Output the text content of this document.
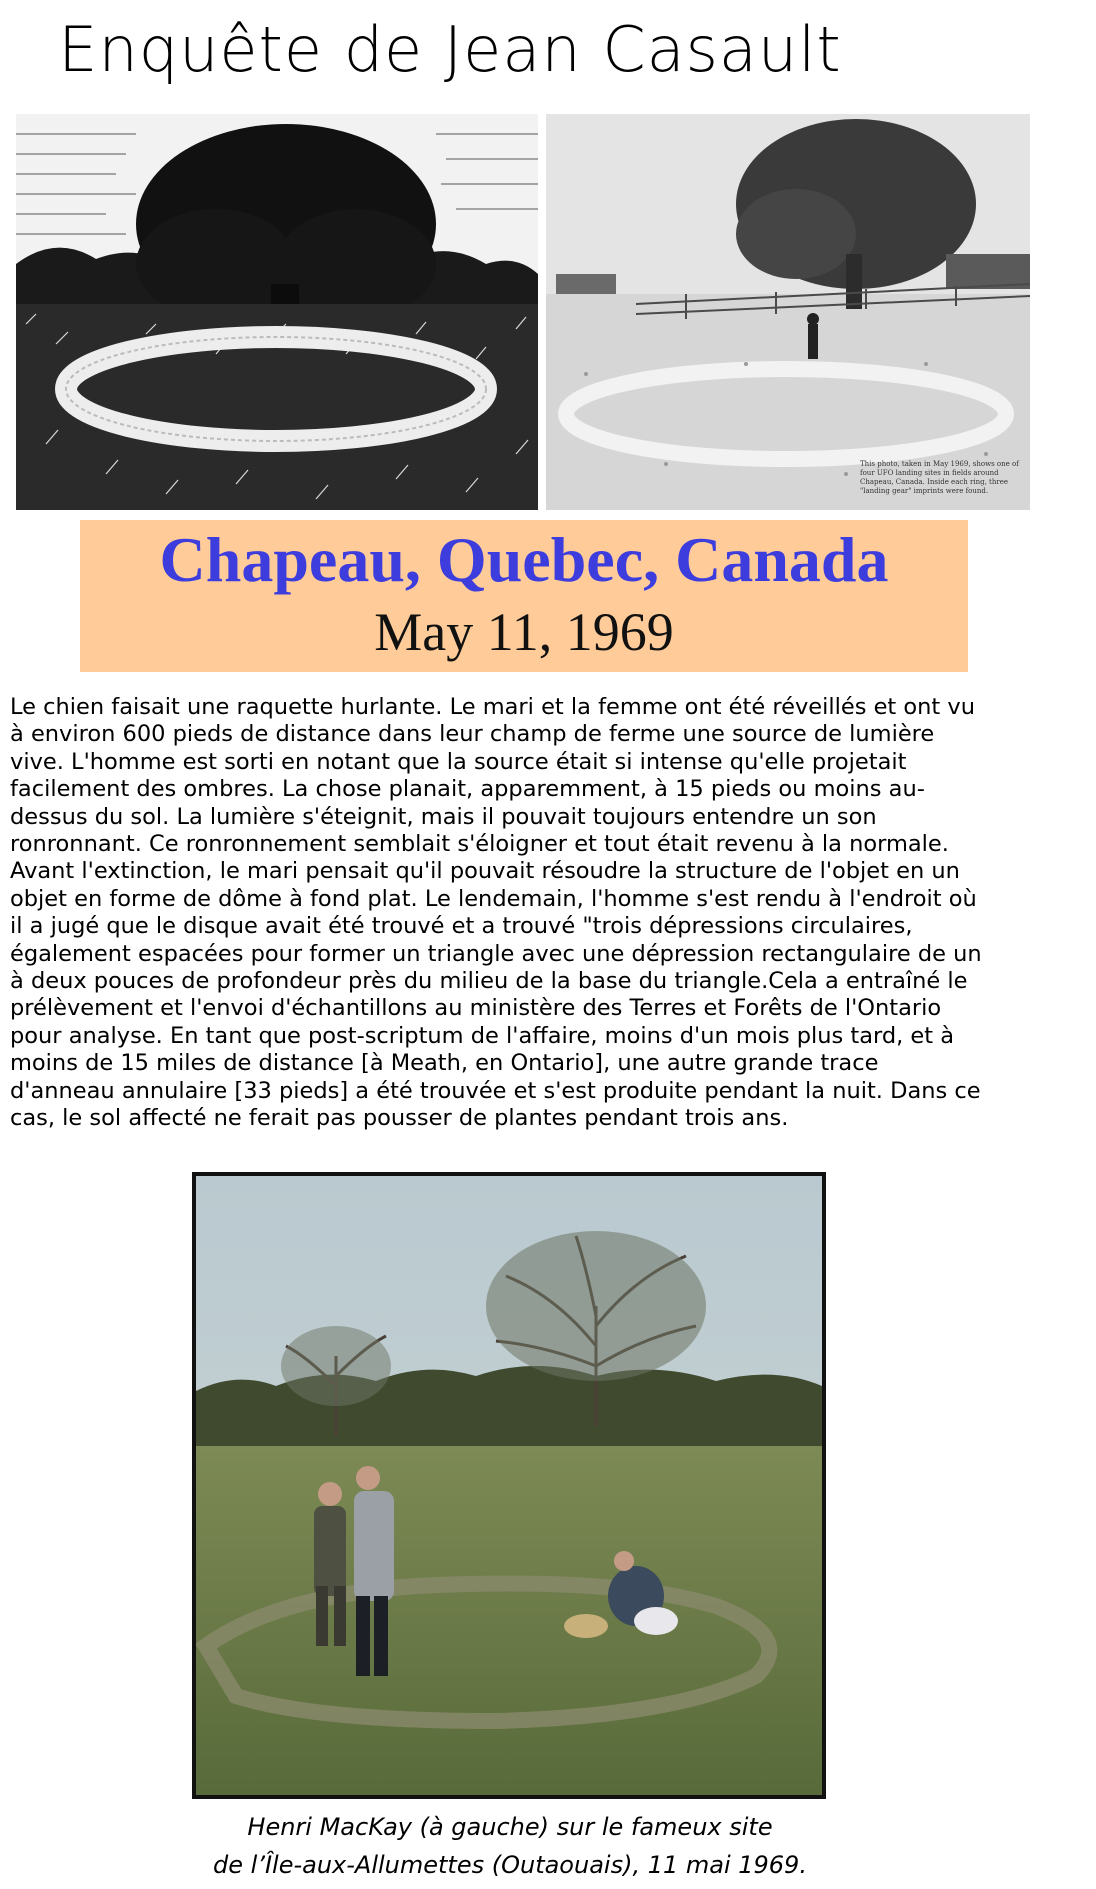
Enquête de Jean Casault
This photo, taken in May 1969, shows one of four UFO landing sites in fields around Chapeau, Canada. Inside each ring, three "landing gear" imprints were found.
Chapeau, Quebec, Canada
May 11, 1969
Le chien faisait une raquette hurlante. Le mari et la femme ont été réveillés et ont vu
à environ 600 pieds de distance dans leur champ de ferme une source de lumière
vive. L'homme est sorti en notant que la source était si intense qu'elle projetait
facilement des ombres. La chose planait, apparemment, à 15 pieds ou moins au-
dessus du sol. La lumière s'éteignit, mais il pouvait toujours entendre un son
ronronnant. Ce ronronnement semblait s'éloigner et tout était revenu à la normale.
Avant l'extinction, le mari pensait qu'il pouvait résoudre la structure de l'objet en un
objet en forme de dôme à fond plat. Le lendemain, l'homme s'est rendu à l'endroit où
il a jugé que le disque avait été trouvé et a trouvé "trois dépressions circulaires,
également espacées pour former un triangle avec une dépression rectangulaire de un
à deux pouces de profondeur près du milieu de la base du triangle.Cela a entraîné le
prélèvement et l'envoi d'échantillons au ministère des Terres et Forêts de l'Ontario
pour analyse. En tant que post-scriptum de l'affaire, moins d'un mois plus tard, et à
moins de 15 miles de distance [à Meath, en Ontario], une autre grande trace
d'anneau annulaire [33 pieds] a été trouvée et s'est produite pendant la nuit. Dans ce
cas, le sol affecté ne ferait pas pousser de plantes pendant trois ans.
Henri MacKay (à gauche) sur le fameux site
de l’Île-aux-Allumettes (Outaouais), 11 mai 1969.
